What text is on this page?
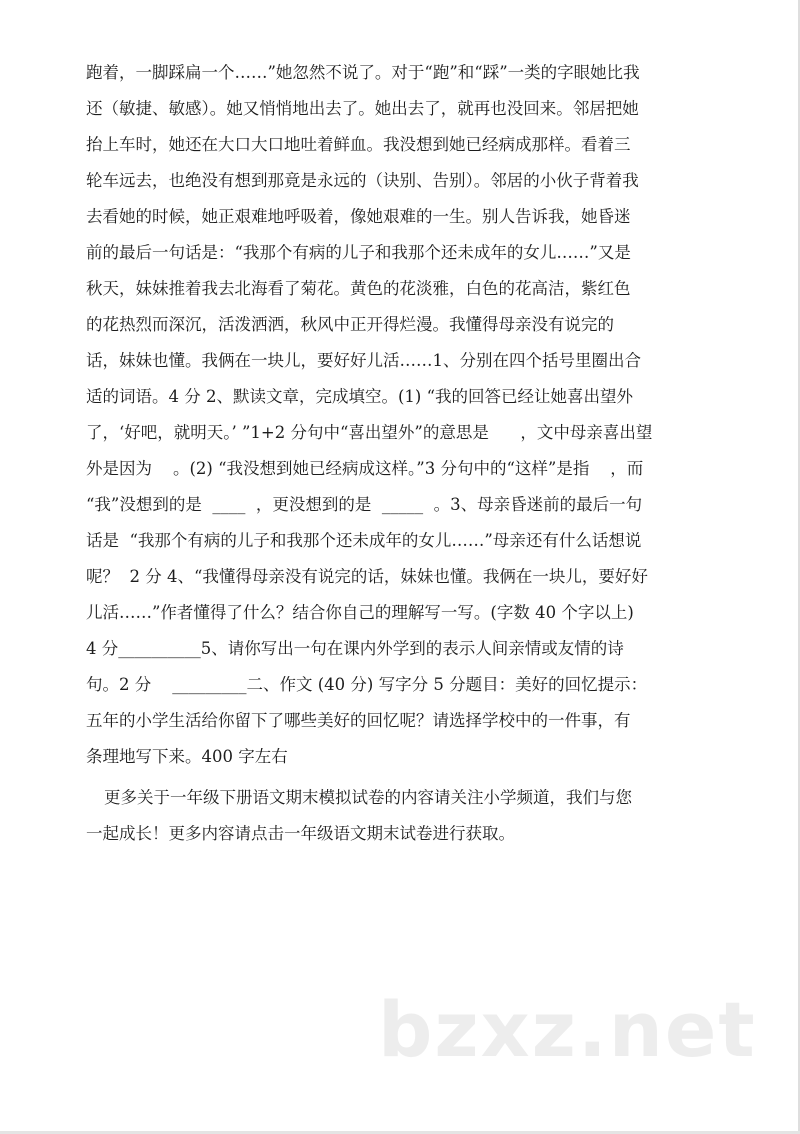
跑着，一脚踩扁一个……”她忽然不说了。对于“跑”和“踩”一类的字眼她比我
还（敏捷、敏感）。她又悄悄地出去了。她出去了，就再也没回来。邻居把她
抬上车时，她还在大口大口地吐着鲜血。我没想到她已经病成那样。看着三
轮车远去，也绝没有想到那竟是永远的（诀别、告别）。邻居的小伙子背着我
去看她的时候，她正艰难地呼吸着，像她艰难的一生。别人告诉我，她昏迷
前的最后一句话是：“我那个有病的儿子和我那个还未成年的女儿……”又是
秋天，妹妹推着我去北海看了菊花。黄色的花淡雅，白色的花高洁，紫红色
的花热烈而深沉，活泼洒洒，秋风中正开得烂漫。我懂得母亲没有说完的
话，妹妹也懂。我俩在一块儿，要好好儿活……1、分别在四个括号里圈出合
适的词语。4 分 2、默读文章，完成填空。(1) “我的回答已经让她喜出望外
了，‘好吧，就明天。’ ”1+2 分句中“喜出望外”的意思是      ，文中母亲喜出望
外是因为    。(2) “我没想到她已经病成这样。”3 分句中的“这样”是指    ，而
“我”没想到的是  ____  ，更没想到的是  _____  。3、母亲昏迷前的最后一句
话是  “我那个有病的儿子和我那个还未成年的女儿……”母亲还有什么话想说
呢？  2 分 4、“我懂得母亲没有说完的话，妹妹也懂。我俩在一块儿，要好好
儿活……”作者懂得了什么？结合你自己的理解写一写。(字数 40 个字以上)
4 分__________5、请你写出一句在课内外学到的表示人间亲情或友情的诗
句。2 分    _________二、作文 (40 分) 写字分 5 分题目：美好的回忆提示：
五年的小学生活给你留下了哪些美好的回忆呢？请选择学校中的一件事，有
条理地写下来。400 字左右
更多关于一年级下册语文期末模拟试卷的内容请关注小学频道，我们与您
一起成长！更多内容请点击一年级语文期末试卷进行获取。
bzxz.net
